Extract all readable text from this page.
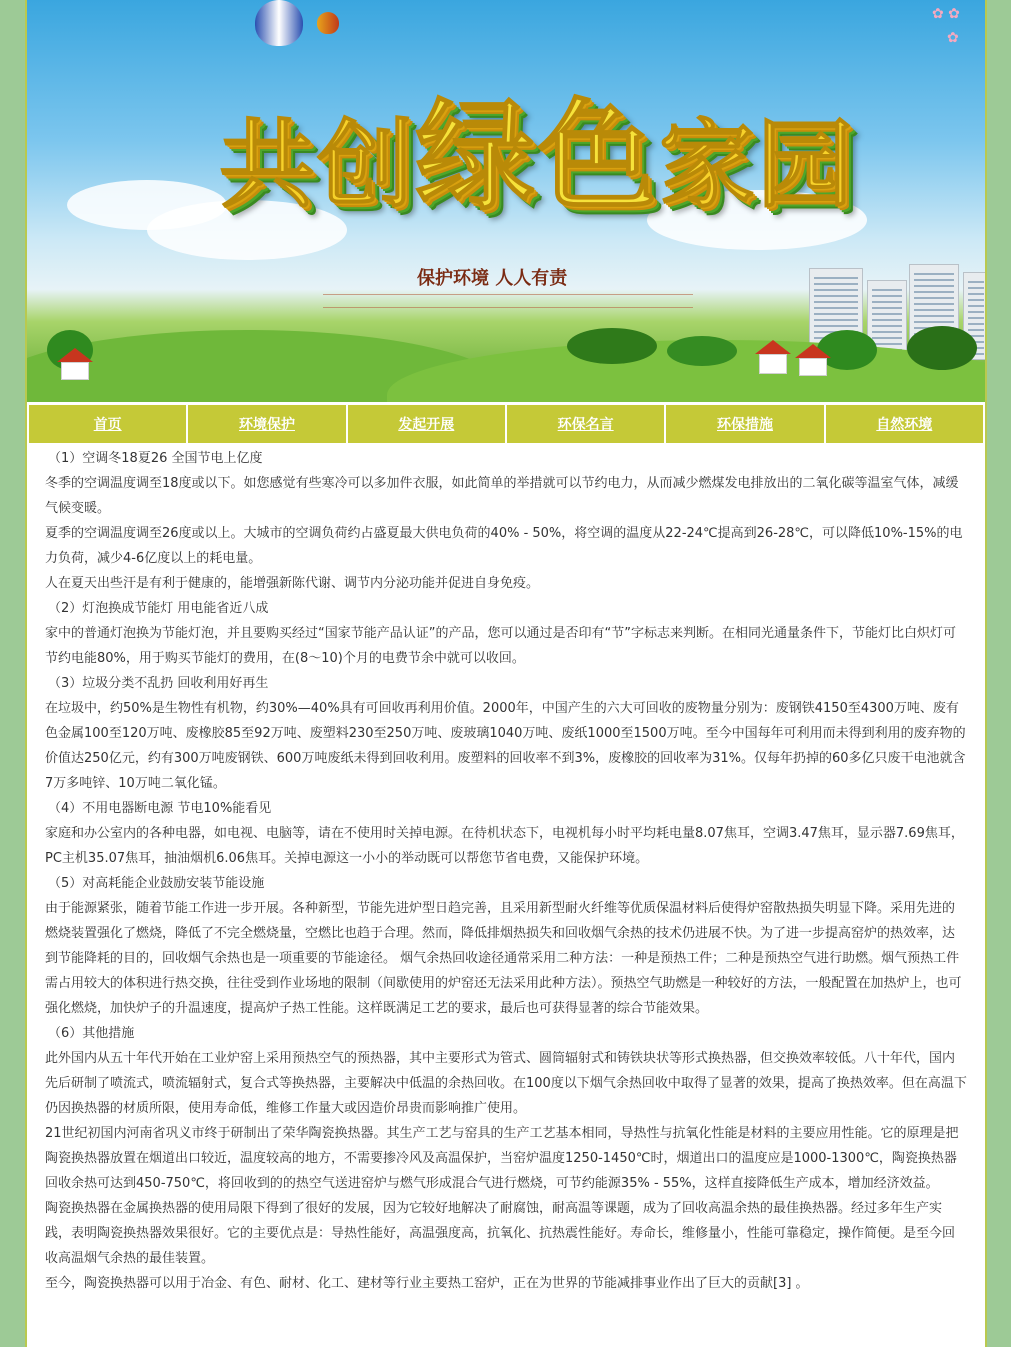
✿ ✿
✿
共创绿色家园
保护环境 人人有责
首页	环境保护	发起开展	环保名言	环保措施	自然环境

（1）空调冬18夏26 全国节电上亿度

冬季的空调温度调至18度或以下。如您感觉有些寒冷可以多加件衣服，如此简单的举措就可以节约电力，从而减少燃煤发电排放出的二氧化碳等温室气体，减缓气候变暖。

夏季的空调温度调至26度或以上。大城市的空调负荷约占盛夏最大供电负荷的40% - 50%，将空调的温度从22-24℃提高到26-28℃，可以降低10%-15%的电力负荷，减少4-6亿度以上的耗电量。

人在夏天出些汗是有利于健康的，能增强新陈代谢、调节内分泌功能并促进自身免疫。

（2）灯泡换成节能灯 用电能省近八成

家中的普通灯泡换为节能灯泡，并且要购买经过“国家节能产品认证”的产品，您可以通过是否印有“节”字标志来判断。在相同光通量条件下，节能灯比白炽灯可节约电能80%，用于购买节能灯的费用，在(8～10)个月的电费节余中就可以收回。

（3）垃圾分类不乱扔 回收利用好再生

在垃圾中，约50%是生物性有机物，约30%—40%具有可回收再利用价值。2000年，中国产生的六大可回收的废物量分别为：废钢铁4150至4300万吨、废有色金属100至120万吨、废橡胶85至92万吨、废塑料230至250万吨、废玻璃1040万吨、废纸1000至1500万吨。至今中国每年可利用而未得到利用的废弃物的价值达250亿元，约有300万吨废钢铁、600万吨废纸未得到回收利用。废塑料的回收率不到3%，废橡胶的回收率为31%。仅每年扔掉的60多亿只废干电池就含7万多吨锌、10万吨二氧化锰。

（4）不用电器断电源 节电10%能看见

家庭和办公室内的各种电器，如电视、电脑等，请在不使用时关掉电源。在待机状态下，电视机每小时平均耗电量8.07焦耳，空调3.47焦耳，显示器7.69焦耳，PC主机35.07焦耳，抽油烟机6.06焦耳。关掉电源这一小小的举动既可以帮您节省电费，又能保护环境。

（5）对高耗能企业鼓励安装节能设施

由于能源紧张，随着节能工作进一步开展。各种新型，节能先进炉型日趋完善，且采用新型耐火纤维等优质保温材料后使得炉窑散热损失明显下降。采用先进的燃烧装置强化了燃烧，降低了不完全燃烧量，空燃比也趋于合理。然而，降低排烟热损失和回收烟气余热的技术仍进展不快。为了进一步提高窑炉的热效率，达到节能降耗的目的，回收烟气余热也是一项重要的节能途径。 烟气余热回收途径通常采用二种方法：一种是预热工件；二种是预热空气进行助燃。烟气预热工件需占用较大的体积进行热交换，往往受到作业场地的限制（间歇使用的炉窑还无法采用此种方法）。预热空气助燃是一种较好的方法，一般配置在加热炉上，也可强化燃烧，加快炉子的升温速度，提高炉子热工性能。这样既满足工艺的要求，最后也可获得显著的综合节能效果。

（6）其他措施

此外国内从五十年代开始在工业炉窑上采用预热空气的预热器，其中主要形式为管式、圆筒辐射式和铸铁块状等形式换热器，但交换效率较低。八十年代，国内先后研制了喷流式，喷流辐射式，复合式等换热器，主要解决中低温的余热回收。在100度以下烟气余热回收中取得了显著的效果，提高了换热效率。但在高温下仍因换热器的材质所限，使用寿命低，维修工作量大或因造价昂贵而影响推广使用。

21世纪初国内河南省巩义市终于研制出了荣华陶瓷换热器。其生产工艺与窑具的生产工艺基本相同，导热性与抗氧化性能是材料的主要应用性能。它的原理是把陶瓷换热器放置在烟道出口较近，温度较高的地方，不需要掺冷风及高温保护，当窑炉温度1250-1450℃时，烟道出口的温度应是1000-1300℃，陶瓷换热器回收余热可达到450-750℃，将回收到的的热空气送进窑炉与燃气形成混合气进行燃烧，可节约能源35% - 55%，这样直接降低生产成本，增加经济效益。

陶瓷换热器在金属换热器的使用局限下得到了很好的发展，因为它较好地解决了耐腐蚀，耐高温等课题，成为了回收高温余热的最佳换热器。经过多年生产实践，表明陶瓷换热器效果很好。它的主要优点是：导热性能好，高温强度高，抗氧化、抗热震性能好。寿命长，维修量小，性能可靠稳定，操作简便。是至今回收高温烟气余热的最佳装置。

至今，陶瓷换热器可以用于冶金、有色、耐材、化工、建材等行业主要热工窑炉，正在为世界的节能减排事业作出了巨大的贡献[3] 。
